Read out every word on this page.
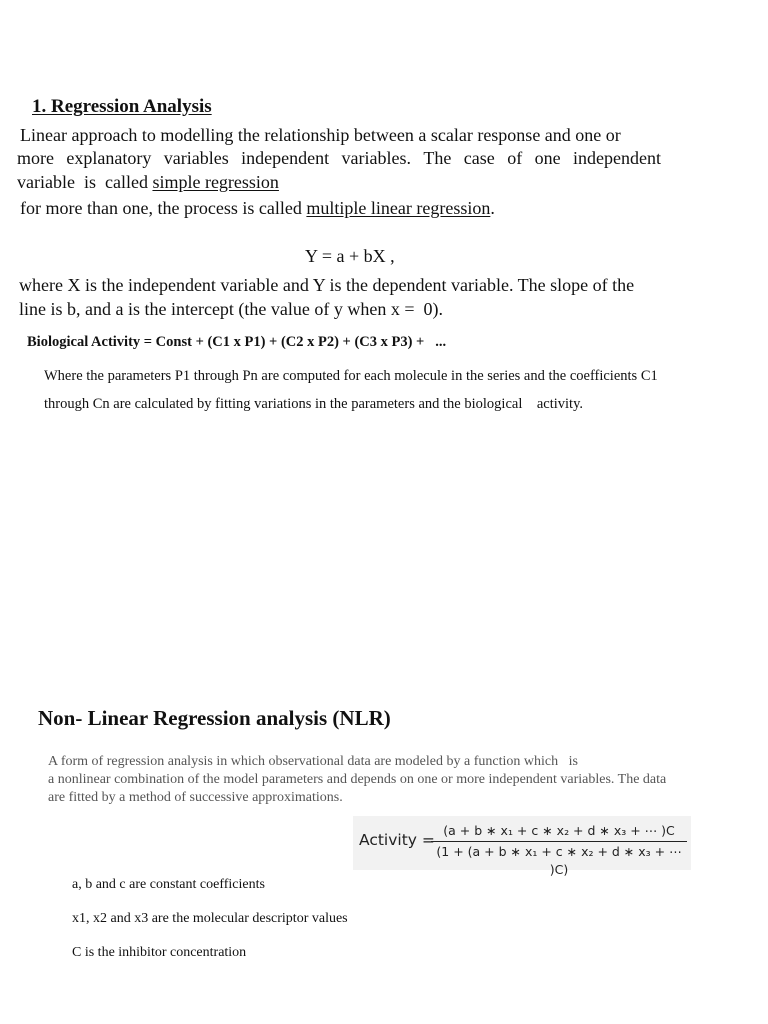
1. Regression Analysis
Linear approach to modelling the relationship between a scalar response and one or
more explanatory variables independent variables. The case of one independent
variable  is  called simple regression
for more than one, the process is called multiple linear regression.
Y = a + bX ,
where X is the independent variable and Y is the dependent variable. The slope of the
line is b, and a is the intercept (the value of y when x =  0).
Biological Activity = Const + (C1 x P1) + (C2 x P2) + (C3 x P3) +   ...
Where the parameters P1 through Pn are computed for each molecule in the series and the coefficients C1
through Cn are calculated by fitting variations in the parameters and the biological    activity.
Non- Linear Regression analysis (NLR)
A form of regression analysis in which observational data are modeled by a function which   is
a nonlinear combination of the model parameters and depends on one or more independent variables. The data
are fitted by a method of successive approximations.
Activity =
(a + b ∗ x₁ + c ∗ x₂ + d ∗ x₃ + ⋯ )C
(1 + (a + b ∗ x₁ + c ∗ x₂ + d ∗ x₃ + ⋯ )C)
a, b and c are constant coefficients
x1, x2 and x3 are the molecular descriptor values
C is the inhibitor concentration
